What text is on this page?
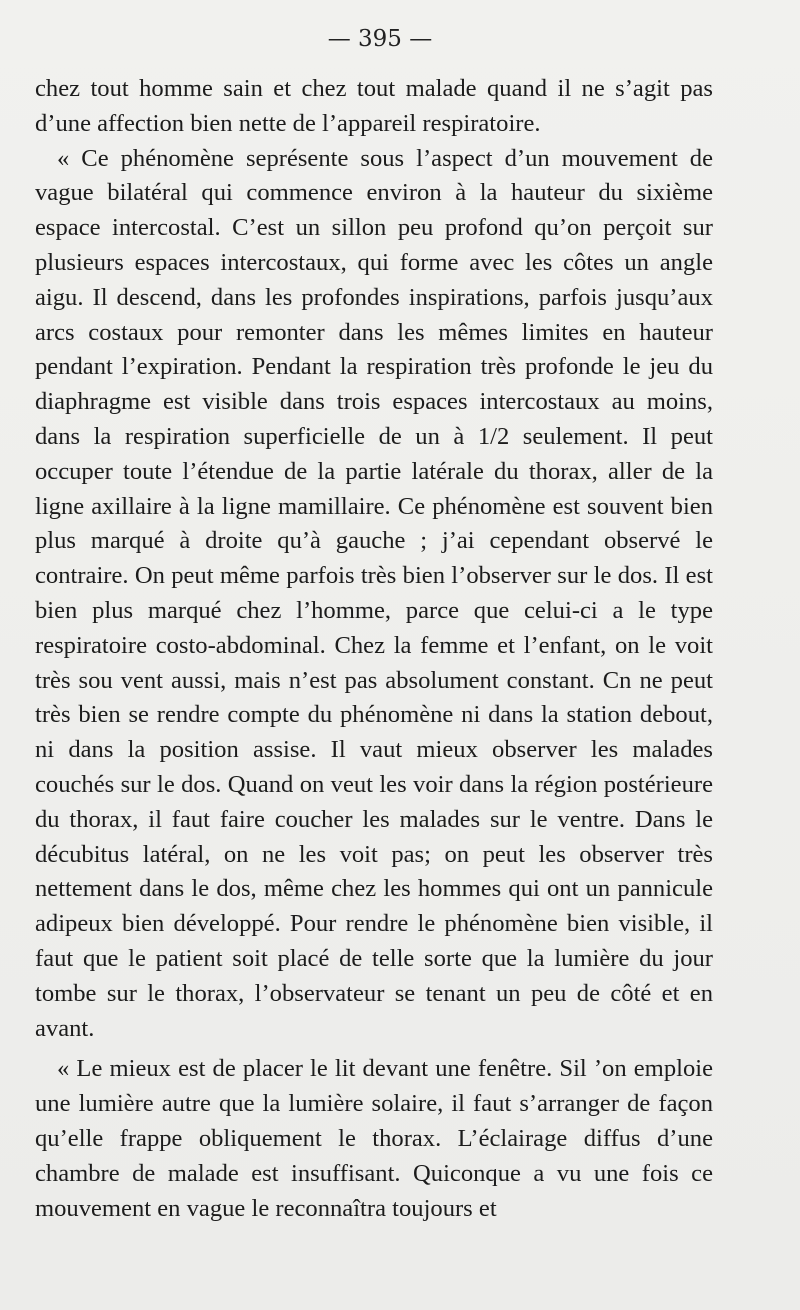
— 395 —

chez tout homme sain et chez tout malade quand il ne s’agit pas d’une affection bien nette de l’appareil respiratoire.

« Ce phénomène seprésente sous l’aspect d’un mouvement de vague bilatéral qui commence environ à la hauteur du sixième espace intercostal. C’est un sillon peu profond qu’on perçoit sur plusieurs espaces intercostaux, qui forme avec les côtes un angle aigu. Il descend, dans les profondes inspirations, parfois jusqu’aux arcs costaux pour remonter dans les mêmes limites en hauteur pendant l’expiration. Pendant la respiration très profonde le jeu du diaphragme est visible dans trois espaces intercostaux au moins, dans la respiration superficielle de un à 1/2 seulement. Il peut occuper toute l’étendue de la partie latérale du thorax, aller de la ligne axillaire à la ligne mamillaire. Ce phénomène est souvent bien plus marqué à droite qu’à gauche ; j’ai cependant observé le contraire. On peut même parfois très bien l’observer sur le dos. Il est bien plus marqué chez l’homme, parce que celui-ci a le type respiratoire costo-abdominal. Chez la femme et l’enfant, on le voit très sou vent aussi, mais n’est pas absolument constant. Cn ne peut très bien se rendre compte du phénomène ni dans la station debout, ni dans la position assise. Il vaut mieux observer les malades couchés sur le dos. Quand on veut les voir dans la région postérieure du thorax, il faut faire coucher les malades sur le ventre. Dans le décubitus latéral, on ne les voit pas; on peut les observer très nettement dans le dos, même chez les hommes qui ont un pannicule adipeux bien développé. Pour rendre le phénomène bien visible, il faut que le patient soit placé de telle sorte que la lumière du jour tombe sur le thorax, l’observateur se tenant un peu de côté et en avant.

« Le mieux est de placer le lit devant une fenêtre. Sil ’on emploie une lumière autre que la lumière solaire, il faut s’arranger de façon qu’elle frappe obliquement le thorax. L’éclairage diffus d’une chambre de malade est insuffisant. Quiconque a vu une fois ce mouvement en vague le reconnaîtra toujours et
